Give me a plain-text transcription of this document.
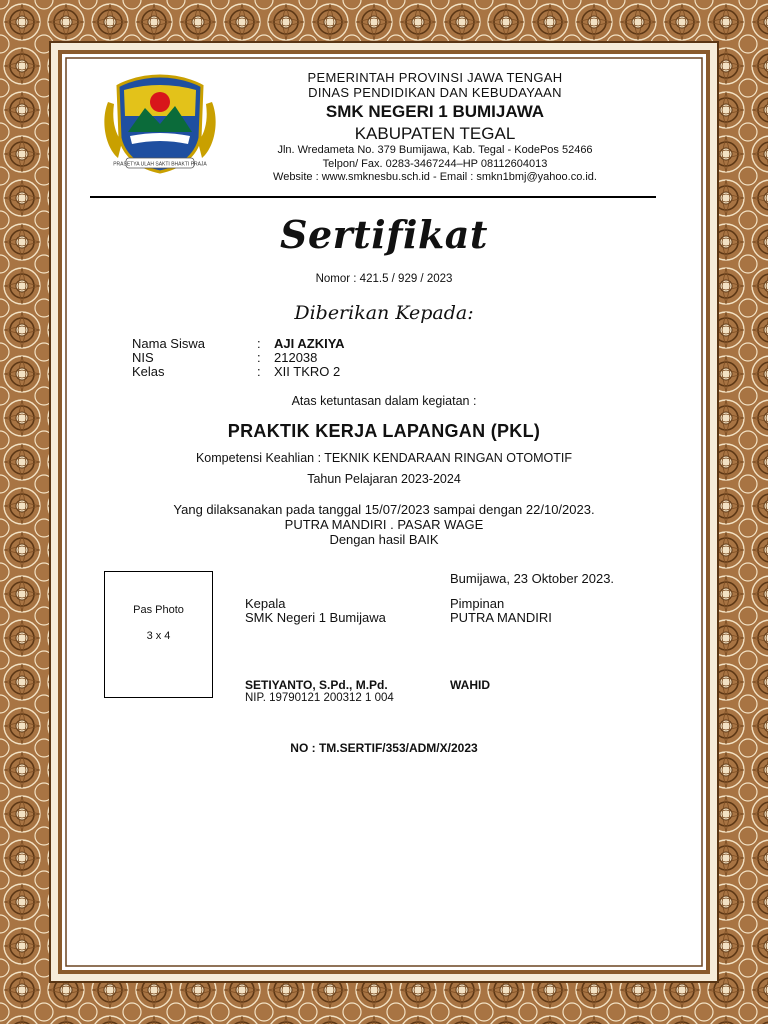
PRASETYA ULAH SAKTI BHAKTI PRAJA
PEMERINTAH PROVINSI JAWA TENGAH
DINAS PENDIDIKAN DAN KEBUDAYAAN
SMK NEGERI 1 BUMIJAWA
KABUPATEN TEGAL
Jln. Wredameta No. 379 Bumijawa, Kab. Tegal - KodePos 52466
Telpon/ Fax. 0283-3467244–HP 08112604013
Website : www.smknesbu.sch.id - Email : smkn1bmj@yahoo.co.id.
Sertifikat
Nomor : 421.5 / 929 / 2023
Diberikan Kepada:
Nama Siswa	:	AJI AZKIYA
NIS	:	212038
Kelas	:	XII TKRO 2
Atas ketuntasan dalam kegiatan :
PRAKTIK KERJA LAPANGAN (PKL)
Kompetensi Keahlian : TEKNIK KENDARAAN RINGAN OTOMOTIF
Tahun Pelajaran 2023-2024
Yang dilaksanakan pada tanggal 15/07/2023 sampai dengan 22/10/2023.
PUTRA MANDIRI . PASAR WAGE
Dengan hasil BAIK
Pas Photo
3 x 4
Bumijawa, 23 Oktober 2023.
Kepala
SMK Negeri 1 Bumijawa
Pimpinan
PUTRA MANDIRI
SETIYANTO, S.Pd., M.Pd.
NIP. 19790121 200312 1 004
WAHID
NO : TM.SERTIF/353/ADM/X/2023
